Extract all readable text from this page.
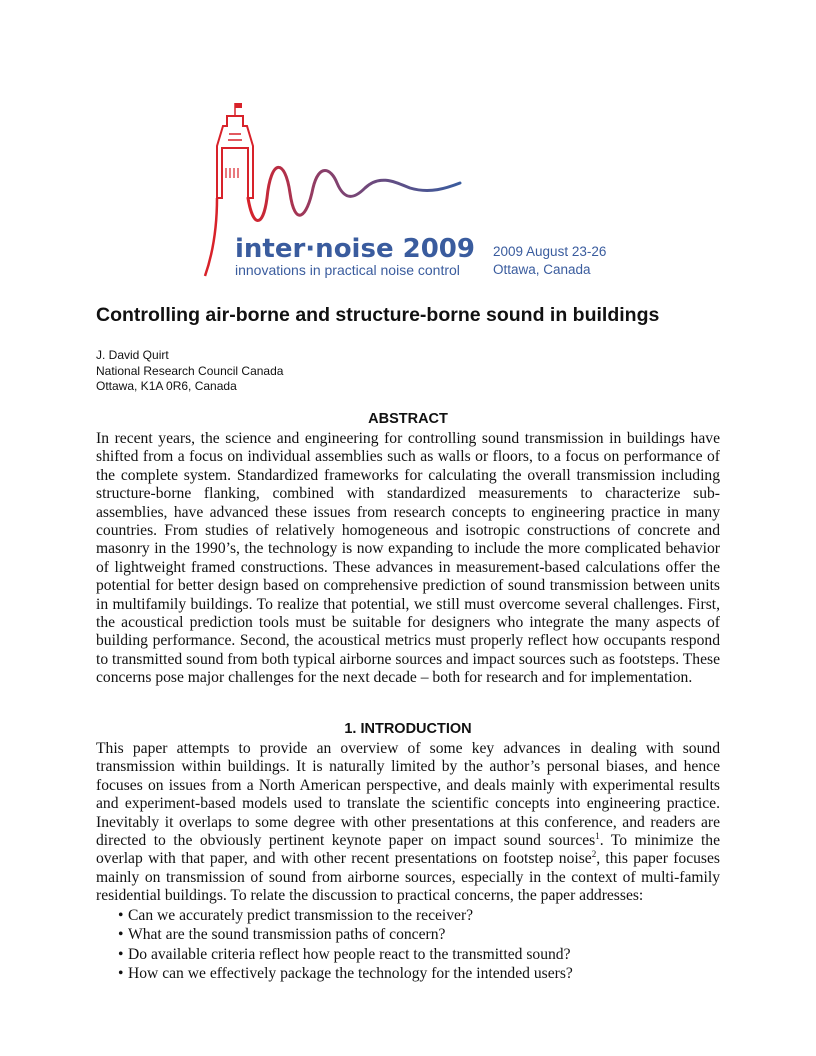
inter·noise 2009
innovations in practical noise control
2009 August 23-26
Ottawa, Canada
Controlling air-borne and structure-borne sound in buildings
J. David Quirt
National Research Council Canada
Ottawa, K1A 0R6, Canada
ABSTRACT
In recent years, the science and engineering for controlling sound transmission in buildings have shifted from a focus on individual assemblies such as walls or floors, to a focus on performance of the complete system. Standardized frameworks for calculating the overall transmission including structure-borne flanking, combined with standardized measurements to characterize sub-assemblies, have advanced these issues from research concepts to engineering practice in many countries. From studies of relatively homogeneous and isotropic constructions of concrete and masonry in the 1990’s, the technology is now expanding to include the more complicated behavior of lightweight framed constructions. These advances in measurement-based calculations offer the potential for better design based on comprehensive prediction of sound transmission between units in multifamily buildings. To realize that potential, we still must overcome several challenges. First, the acoustical prediction tools must be suitable for designers who integrate the many aspects of building performance. Second, the acoustical metrics must properly reflect how occupants respond to transmitted sound from both typical airborne sources and impact sources such as footsteps. These concerns pose major challenges for the next decade – both for research and for implementation.
1. INTRODUCTION
This paper attempts to provide an overview of some key advances in dealing with sound transmission within buildings. It is naturally limited by the author’s personal biases, and hence focuses on issues from a North American perspective, and deals mainly with experimental results and experiment-based models used to translate the scientific concepts into engineering practice. Inevitably it overlaps to some degree with other presentations at this conference, and readers are directed to the obviously pertinent keynote paper on impact sound sources$^1$. To minimize the overlap with that paper, and with other recent presentations on footstep noise$^2$, this paper focuses mainly on transmission of sound from airborne sources, especially in the context of multi-family residential buildings. To relate the discussion to practical concerns, the paper addresses:
• Can we accurately predict transmission to the receiver?
• What are the sound transmission paths of concern?
• Do available criteria reflect how people react to the transmitted sound?
• How can we effectively package the technology for the intended users?
